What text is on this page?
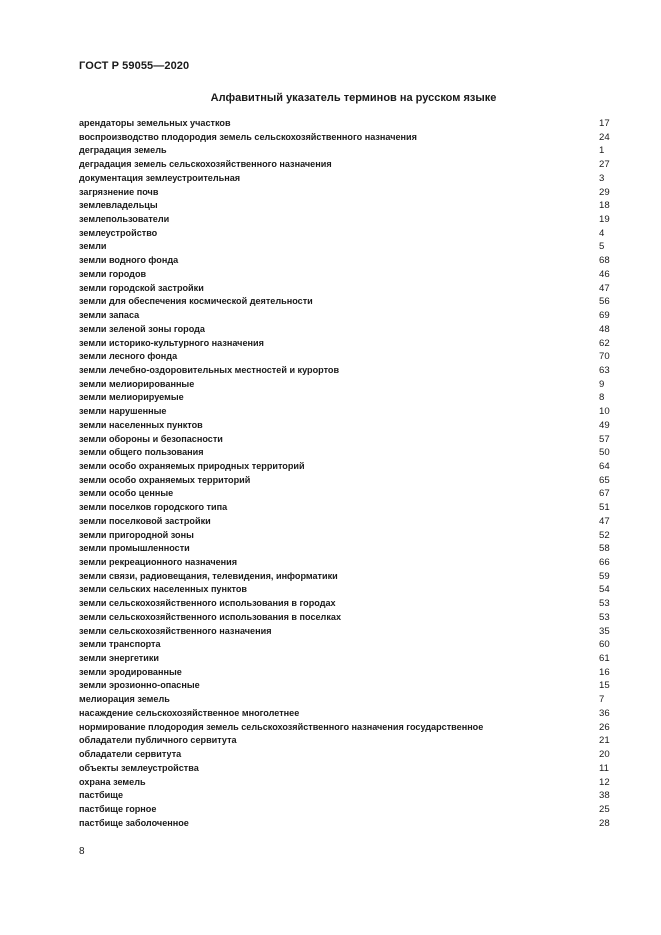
ГОСТ Р 59055—2020
Алфавитный указатель терминов на русском языке
арендаторы земельных участков	17
воспроизводство плодородия земель сельскохозяйственного назначения	24
деградация земель	1
деградация земель сельскохозяйственного назначения	27
документация землеустроительная	3
загрязнение почв	29
землевладельцы	18
землепользователи	19
землеустройство	4
земли	5
земли водного фонда	68
земли городов	46
земли городской застройки	47
земли для обеспечения космической деятельности	56
земли запаса	69
земли зеленой зоны города	48
земли историко-культурного назначения	62
земли лесного фонда	70
земли лечебно-оздоровительных местностей и курортов	63
земли мелиорированные	9
земли мелиорируемые	8
земли нарушенные	10
земли населенных пунктов	49
земли обороны и безопасности	57
земли общего пользования	50
земли особо охраняемых природных территорий	64
земли особо охраняемых территорий	65
земли особо ценные	67
земли поселков городского типа	51
земли поселковой застройки	47
земли пригородной зоны	52
земли промышленности	58
земли рекреационного назначения	66
земли связи, радиовещания, телевидения, информатики	59
земли сельских населенных пунктов	54
земли сельскохозяйственного использования в городах	53
земли сельскохозяйственного использования в поселках	53
земли сельскохозяйственного назначения	35
земли транспорта	60
земли энергетики	61
земли эродированные	16
земли эрозионно-опасные	15
мелиорация земель	7
насаждение сельскохозяйственное многолетнее	36
нормирование плодородия земель сельскохозяйственного назначения государственное	26
обладатели публичного сервитута	21
обладатели сервитута	20
объекты землеустройства	11
охрана земель	12
пастбище	38
пастбище горное	25
пастбище заболоченное	28
8
